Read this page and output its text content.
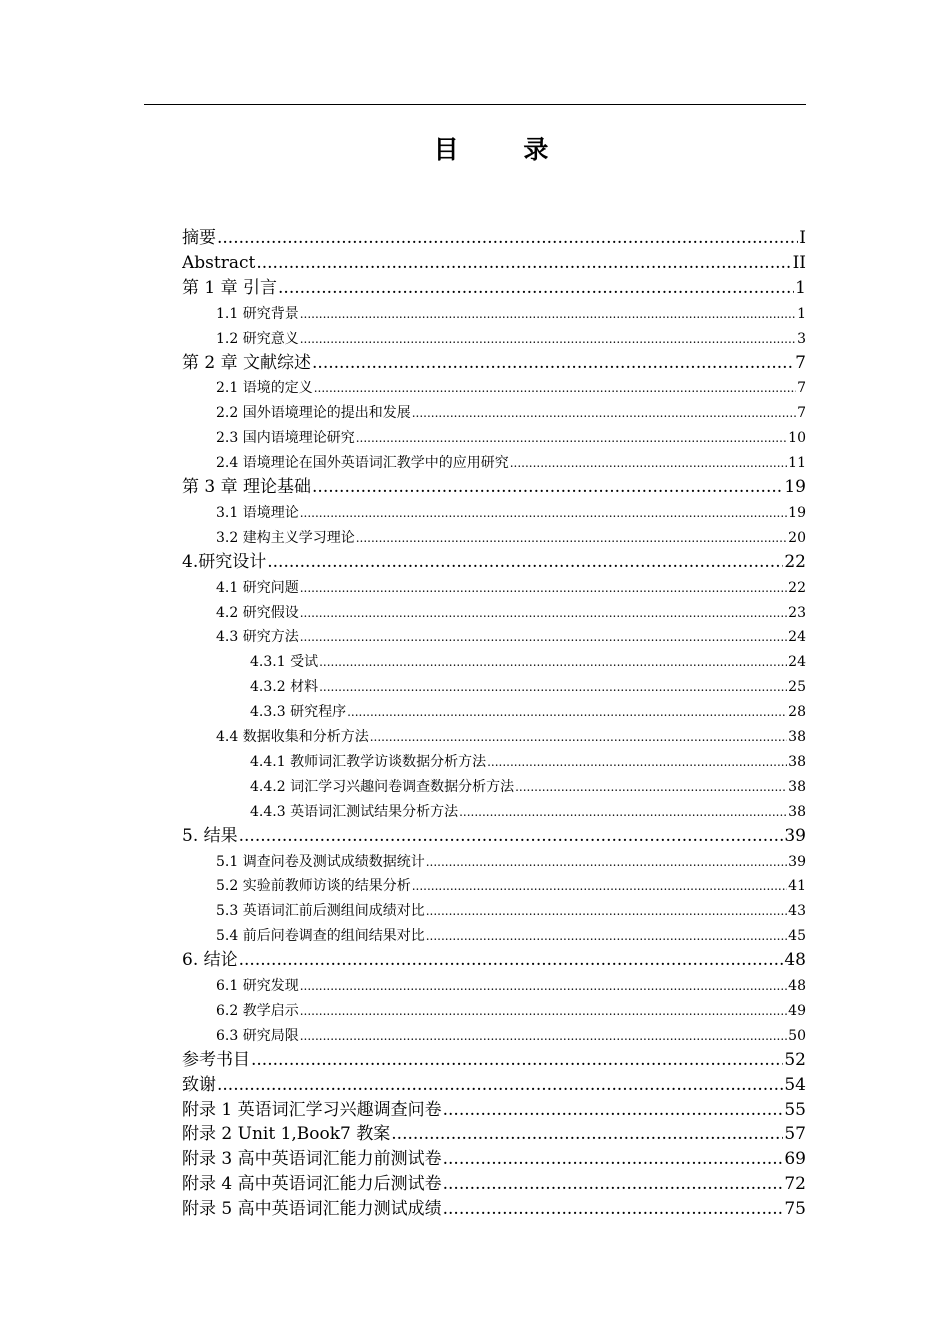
目 录
摘要 .....	I
Abstract .....	II
第 1 章 引言 .....	1
1.1 研究背景 .....	1
1.2 研究意义 .....	3
第 2 章 文献综述 .....	7
2.1 语境的定义 .....	7
2.2 国外语境理论的提出和发展 .....	7
2.3 国内语境理论研究 .....	10
2.4 语境理论在国外英语词汇教学中的应用研究 .....	11
第 3 章 理论基础 .....	19
3.1 语境理论 .....	19
3.2 建构主义学习理论 .....	20
4.研究设计 .....	22
4.1 研究问题 .....	22
4.2 研究假设 .....	23
4.3 研究方法 .....	24
4.3.1 受试 .....	24
4.3.2 材料 .....	25
4.3.3 研究程序 .....	28
4.4 数据收集和分析方法 .....	38
4.4.1 教师词汇教学访谈数据分析方法 .....	38
4.4.2 词汇学习兴趣问卷调查数据分析方法 .....	38
4.4.3 英语词汇测试结果分析方法 .....	38
5. 结果 .....	39
5.1 调查问卷及测试成绩数据统计 .....	39
5.2 实验前教师访谈的结果分析 .....	41
5.3 英语词汇前后测组间成绩对比 .....	43
5.4 前后问卷调查的组间结果对比 .....	45
6. 结论 .....	48
6.1 研究发现 .....	48
6.2 教学启示 .....	49
6.3 研究局限 .....	50
参考书目 .....	52
致谢 .....	54
附录 1 英语词汇学习兴趣调查问卷 .....	55
附录 2 Unit 1,Book7 教案 .....	57
附录 3 高中英语词汇能力前测试卷 .....	69
附录 4 高中英语词汇能力后测试卷 .....	72
附录 5 高中英语词汇能力测试成绩 .....	75
